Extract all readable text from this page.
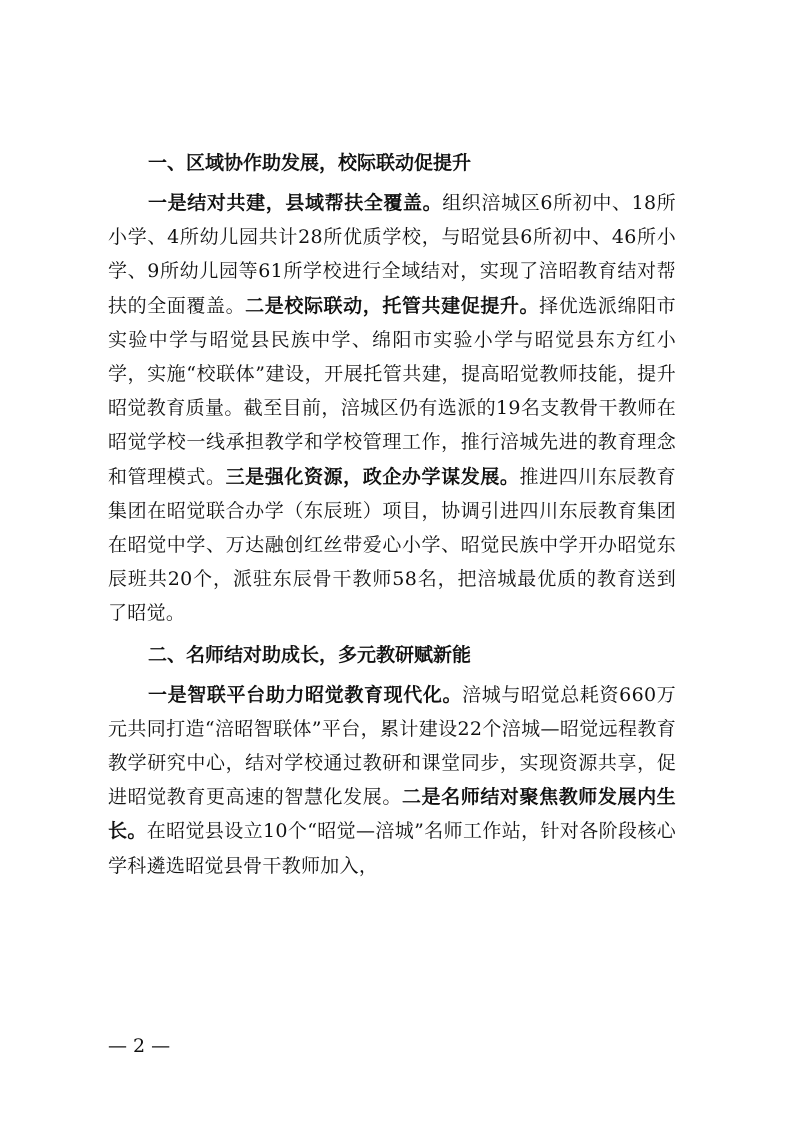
一、区域协作助发展，校际联动促提升

一是结对共建，县域帮扶全覆盖。组织涪城区6所初中、18所小学、4所幼儿园共计28所优质学校，与昭觉县6所初中、46所小学、9所幼儿园等61所学校进行全域结对，实现了涪昭教育结对帮扶的全面覆盖。二是校际联动，托管共建促提升。择优选派绵阳市实验中学与昭觉县民族中学、绵阳市实验小学与昭觉县东方红小学，实施“校联体”建设，开展托管共建，提高昭觉教师技能，提升昭觉教育质量。截至目前，涪城区仍有选派的19名支教骨干教师在昭觉学校一线承担教学和学校管理工作，推行涪城先进的教育理念和管理模式。三是强化资源，政企办学谋发展。推进四川东辰教育集团在昭觉联合办学（东辰班）项目，协调引进四川东辰教育集团在昭觉中学、万达融创红丝带爱心小学、昭觉民族中学开办昭觉东辰班共20个，派驻东辰骨干教师58名，把涪城最优质的教育送到了昭觉。

二、名师结对助成长，多元教研赋新能

一是智联平台助力昭觉教育现代化。涪城与昭觉总耗资660万元共同打造“涪昭智联体”平台，累计建设22个涪城—昭觉远程教育教学研究中心，结对学校通过教研和课堂同步，实现资源共享，促进昭觉教育更高速的智慧化发展。二是名师结对聚焦教师发展内生长。在昭觉县设立10个“昭觉—涪城”名师工作站，针对各阶段核心学科遴选昭觉县骨干教师加入，

— 2 —
